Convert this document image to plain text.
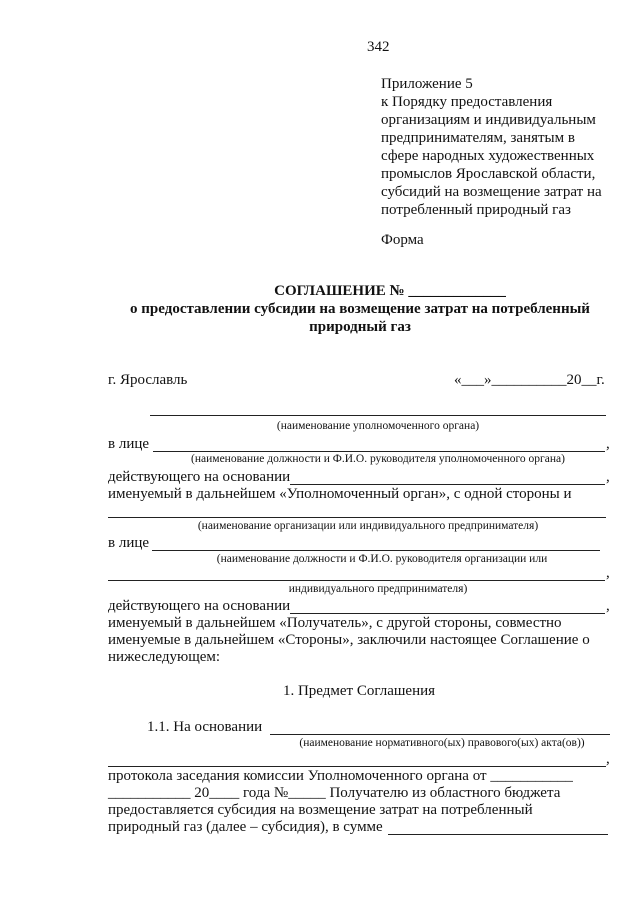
342
Приложение 5
к Порядку предоставления
организациям и индивидуальным
предпринимателям, занятым в
сфере народных художественных
промыслов Ярославской области,
субсидий на возмещение затрат на
потребленный природный газ
Форма
СОГЛАШЕНИЕ № _____________
о предоставлении субсидии на возмещение затрат на потребленный
природный газ
г. Ярославль	«___»__________20__г.
(наименование уполномоченного органа)
в лице	,
(наименование должности и Ф.И.О. руководителя уполномоченного органа)
действующего на основании	,
именуемый в дальнейшем «Уполномоченный орган», с одной стороны и
(наименование организации или индивидуального предпринимателя)
в лице
(наименование должности и Ф.И.О. руководителя организации или
,
индивидуального предпринимателя)
действующего на основании	,
именуемый в дальнейшем «Получатель», с другой стороны, совместно
именуемые в дальнейшем «Стороны», заключили настоящее Соглашение о
нижеследующем:
1. Предмет Соглашения
1.1. На основании
(наименование нормативного(ых) правового(ых) акта(ов))
,
протокола заседания комиссии Уполномоченного органа от ___________
___________ 20____ года №_____ Получателю из областного бюджета
предоставляется субсидия на возмещение затрат на потребленный
природный газ (далее – субсидия), в сумме
